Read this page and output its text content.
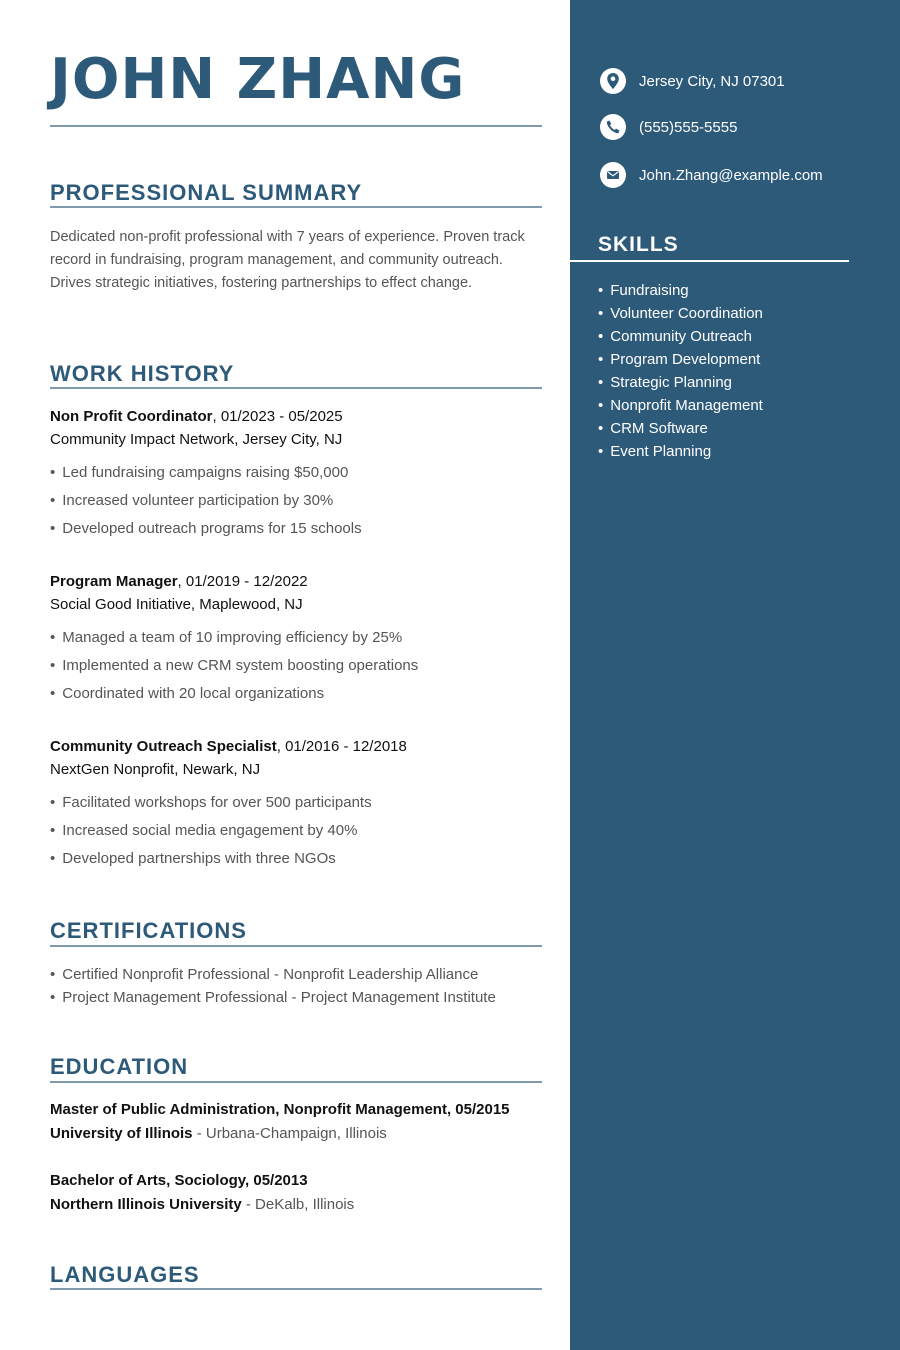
JOHN ZHANG
PROFESSIONAL SUMMARY

Dedicated non-profit professional with 7 years of experience. Proven track record in fundraising, program management, and community outreach. Drives strategic initiatives, fostering partnerships to effect change.

WORK HISTORY
Non Profit Coordinator, 01/2023 - 05/2025
Community Impact Network, Jersey City, NJ
• Led fundraising campaigns raising $50,000
• Increased volunteer participation by 30%
• Developed outreach programs for 15 schools
Program Manager, 01/2019 - 12/2022
Social Good Initiative, Maplewood, NJ
• Managed a team of 10 improving efficiency by 25%
• Implemented a new CRM system boosting operations
• Coordinated with 20 local organizations
Community Outreach Specialist, 01/2016 - 12/2018
NextGen Nonprofit, Newark, NJ
• Facilitated workshops for over 500 participants
• Increased social media engagement by 40%
• Developed partnerships with three NGOs
CERTIFICATIONS
• Certified Nonprofit Professional - Nonprofit Leadership Alliance
• Project Management Professional - Project Management Institute
EDUCATION
Master of Public Administration, Nonprofit Management, 05/2015
University of Illinois - Urbana-Champaign, Illinois
Bachelor of Arts, Sociology, 05/2013
Northern Illinois University - DeKalb, Illinois
LANGUAGES
Jersey City, NJ 07301
(555)555-5555
John.Zhang@example.com
SKILLS
• Fundraising
• Volunteer Coordination
• Community Outreach
• Program Development
• Strategic Planning
• Nonprofit Management
• CRM Software
• Event Planning
